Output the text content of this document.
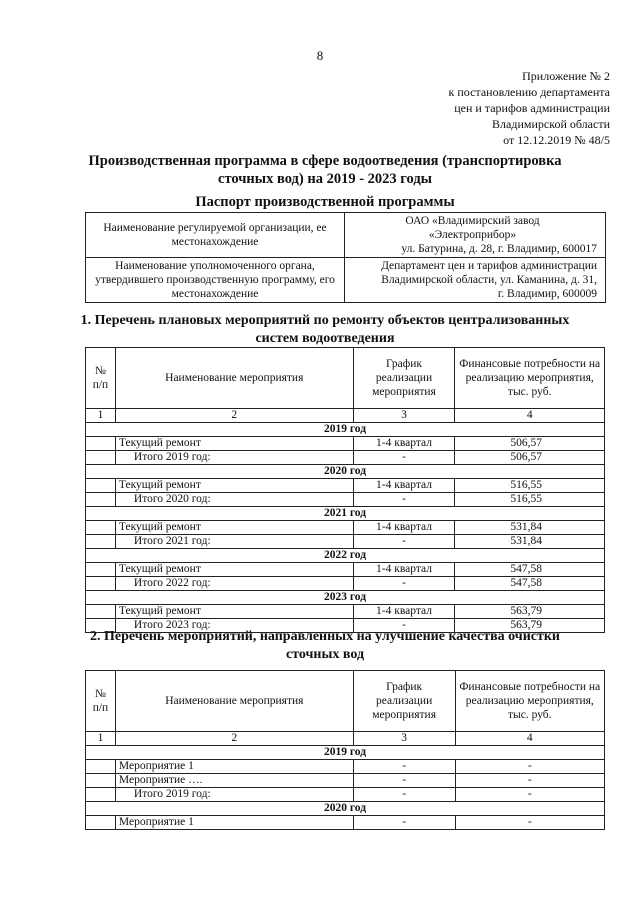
8
Приложение № 2
к постановлению департамента
цен и тарифов администрации
Владимирской области
от 12.12.2019 № 48/5
Производственная программа в сфере водоотведения (транспортировка
сточных вод) на 2019 - 2023 годы
Паспорт производственной программы
Наименование регулируемой организации, ее местонахождение	ОАО «Владимирский завод
«Электроприбор»
ул. Батурина, д. 28, г. Владимир, 600017

Наименование уполномоченного органа, утвердившего производственную программу, его местонахождение	Департамент цен и тарифов администрации
Владимирской области, ул. Каманина, д. 31,
г. Владимир, 600009
1. Перечень плановых мероприятий по ремонту объектов централизованных
систем водоотведения
№ п/п	Наименование мероприятия	График реализации мероприятия	Финансовые потребности на реализацию мероприятия, тыс. руб.
1	2	3	4
2019 год			
	Текущий ремонт	1-4 квартал	506,57
	Итого 2019 год:	-	506,57
2020 год			
	Текущий ремонт	1-4 квартал	516,55
	Итого 2020 год:	-	516,55
2021 год			
	Текущий ремонт	1-4 квартал	531,84
	Итого 2021 год:	-	531,84
2022 год			
	Текущий ремонт	1-4 квартал	547,58
	Итого 2022 год:	-	547,58
2023 год			
	Текущий ремонт	1-4 квартал	563,79
	Итого 2023 год:	-	563,79
2. Перечень мероприятий, направленных на улучшение качества очистки
сточных вод
№ п/п	Наименование мероприятия	График реализации мероприятия	Финансовые потребности на реализацию мероприятия, тыс. руб.
1	2	3	4
2019 год			
	Мероприятие 1	-	-
	Мероприятие ….	-	-
	Итого 2019 год:	-	-
2020 год			
	Мероприятие 1	-	-
